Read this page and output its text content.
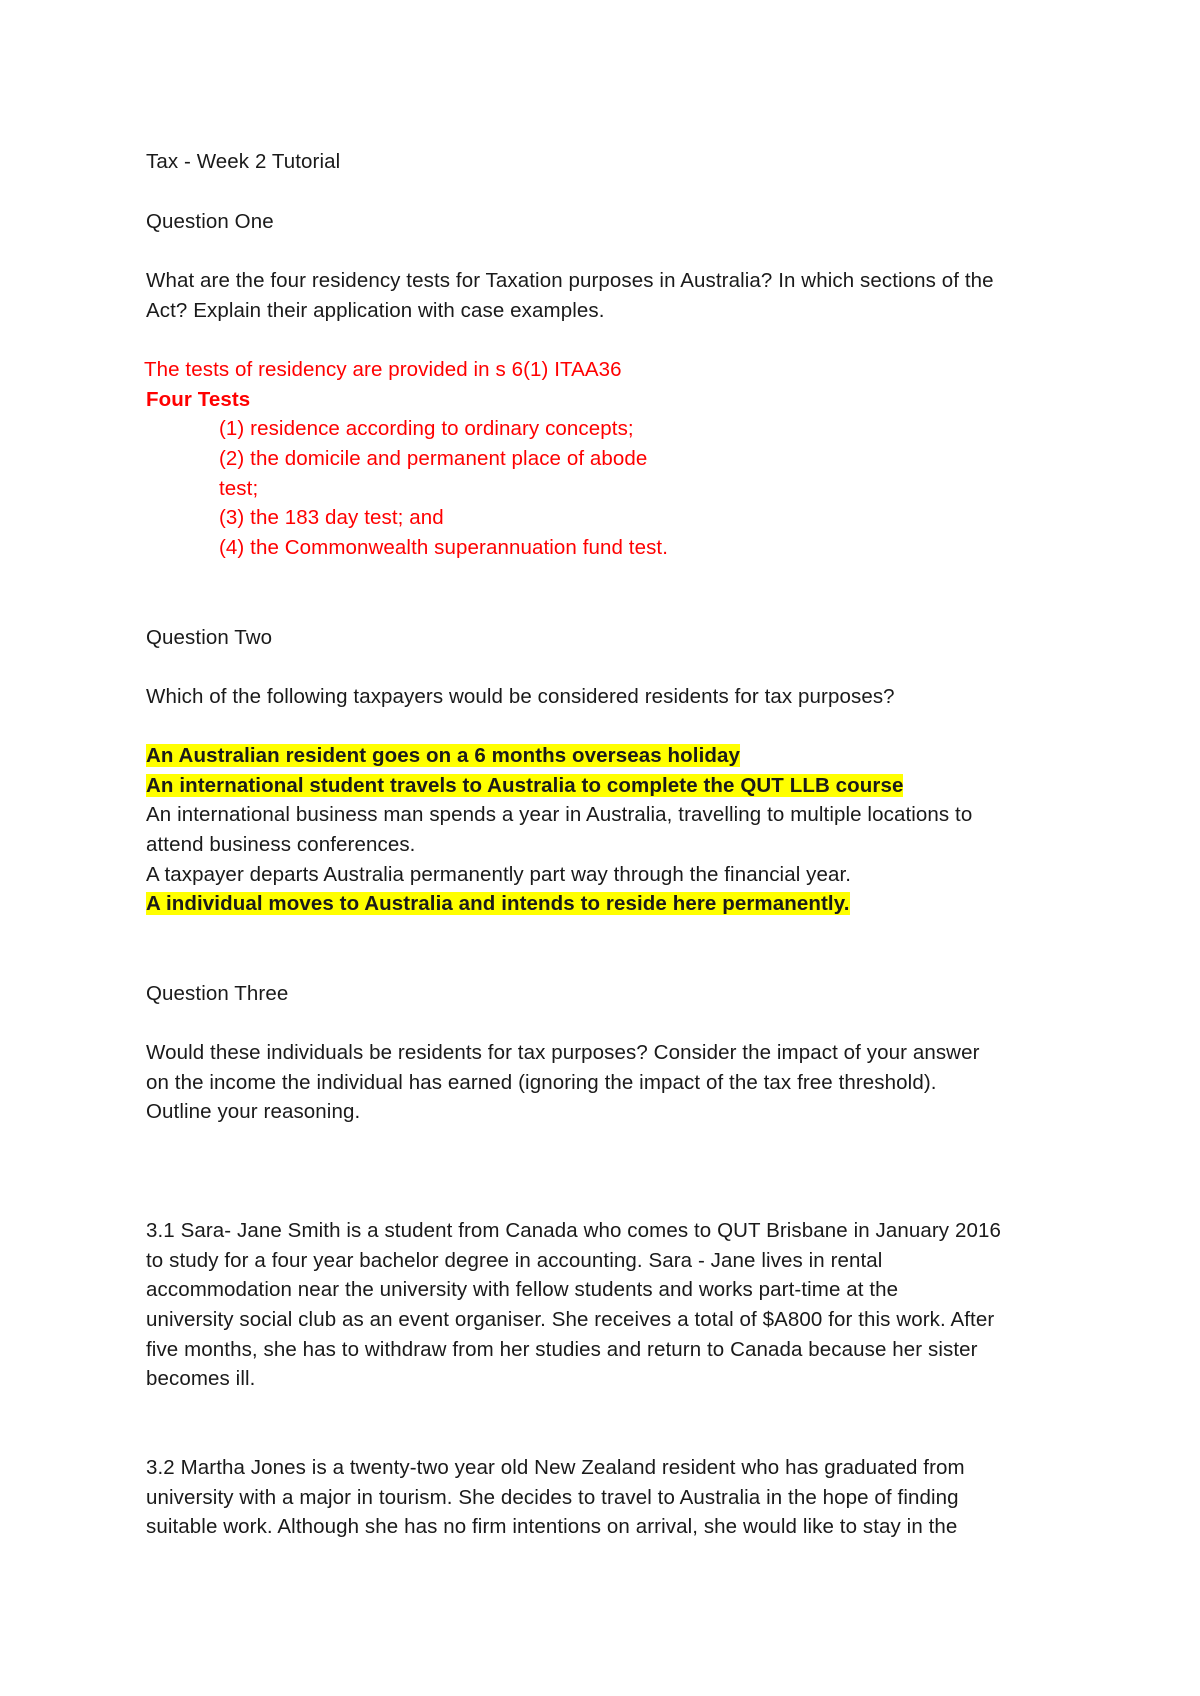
Tax - Week 2 Tutorial
Question One
What are the four residency tests for Taxation purposes in Australia? In which sections of the
Act? Explain their application with case examples.
The tests of residency are provided in s 6(1) ITAA36
Four Tests
(1) residence according to ordinary concepts;
(2) the domicile and permanent place of abode
test;
(3) the 183 day test; and
(4) the Commonwealth superannuation fund test.
Question Two
Which of the following taxpayers would be considered residents for tax purposes?
An Australian resident goes on a 6 months overseas holiday
An international student travels to Australia to complete the QUT LLB course
An international business man spends a year in Australia, travelling to multiple locations to
attend business conferences.
A taxpayer departs Australia permanently part way through the financial year.
A individual moves to Australia and intends to reside here permanently.
Question Three
Would these individuals be residents for tax purposes? Consider the impact of your answer
on the income the individual has earned (ignoring the impact of the tax free threshold).
Outline your reasoning.
3.1 Sara- Jane Smith is a student from Canada who comes to QUT Brisbane in January 2016
to study for a four year bachelor degree in accounting. Sara - Jane lives in rental
accommodation near the university with fellow students and works part-time at the
university social club as an event organiser. She receives a total of $A800 for this work. After
five months, she has to withdraw from her studies and return to Canada because her sister
becomes ill.
3.2 Martha Jones is a twenty-two year old New Zealand resident who has graduated from
university with a major in tourism. She decides to travel to Australia in the hope of finding
suitable work. Although she has no firm intentions on arrival, she would like to stay in the
